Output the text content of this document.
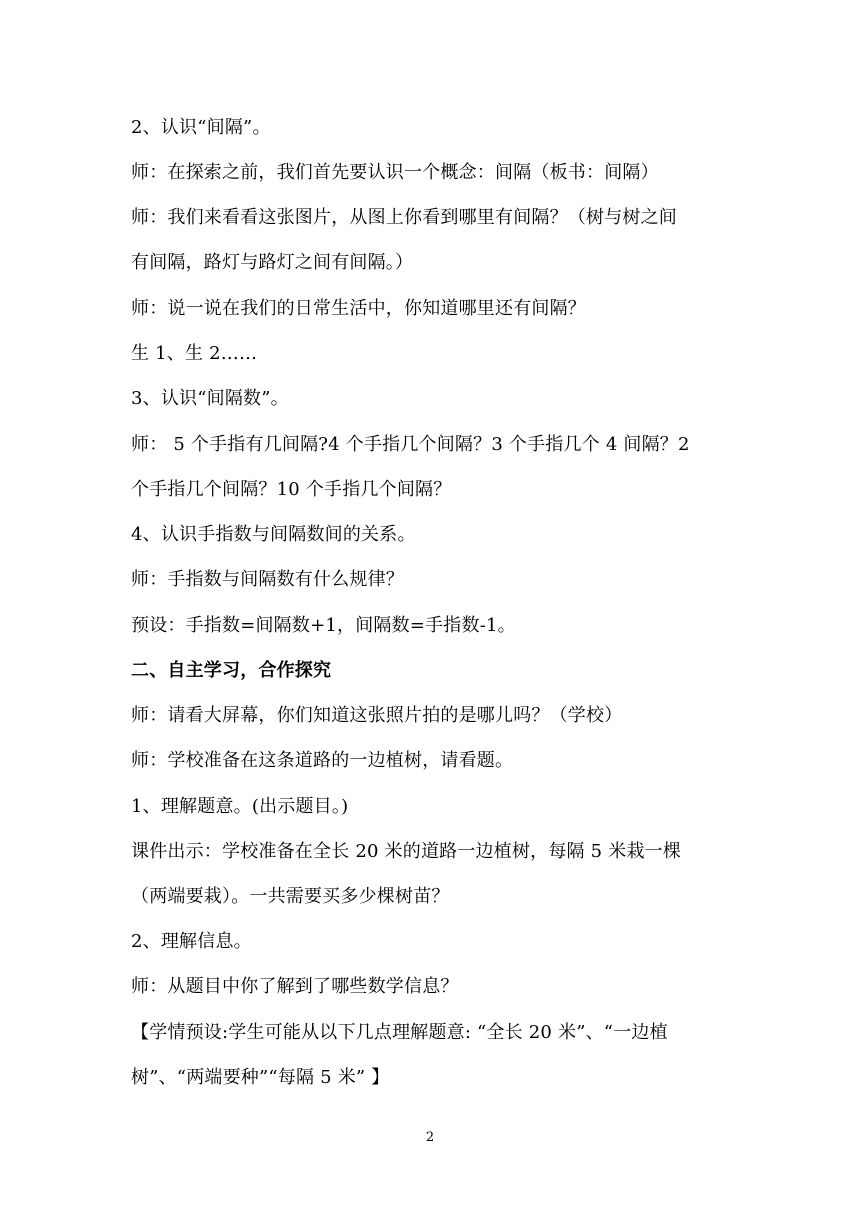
2、认识“间隔”。
师：在探索之前，我们首先要认识一个概念：间隔（板书：间隔）
师：我们来看看这张图片，从图上你看到哪里有间隔？（树与树之间
有间隔，路灯与路灯之间有间隔。）
师：说一说在我们的日常生活中，你知道哪里还有间隔？
生 1、生 2……
3、认识“间隔数”。
师： 5 个手指有几间隔?4 个手指几个间隔？3 个手指几个 4 间隔？2
个手指几个间隔？10 个手指几个间隔？
4、认识手指数与间隔数间的关系。
师：手指数与间隔数有什么规律？
预设：手指数=间隔数+1，间隔数=手指数-1。
二、自主学习，合作探究
师：请看大屏幕，你们知道这张照片拍的是哪儿吗？（学校）
师：学校准备在这条道路的一边植树，请看题。
1、理解题意。(出示题目。)
课件出示：学校准备在全长 20 米的道路一边植树，每隔 5 米栽一棵
（两端要栽）。一共需要买多少棵树苗？
2、理解信息。
师：从题目中你了解到了哪些数学信息？
【学情预设:学生可能从以下几点理解题意: “全长 20 米”、“一边植
树”、“两端要种”“每隔 5 米” 】
2
